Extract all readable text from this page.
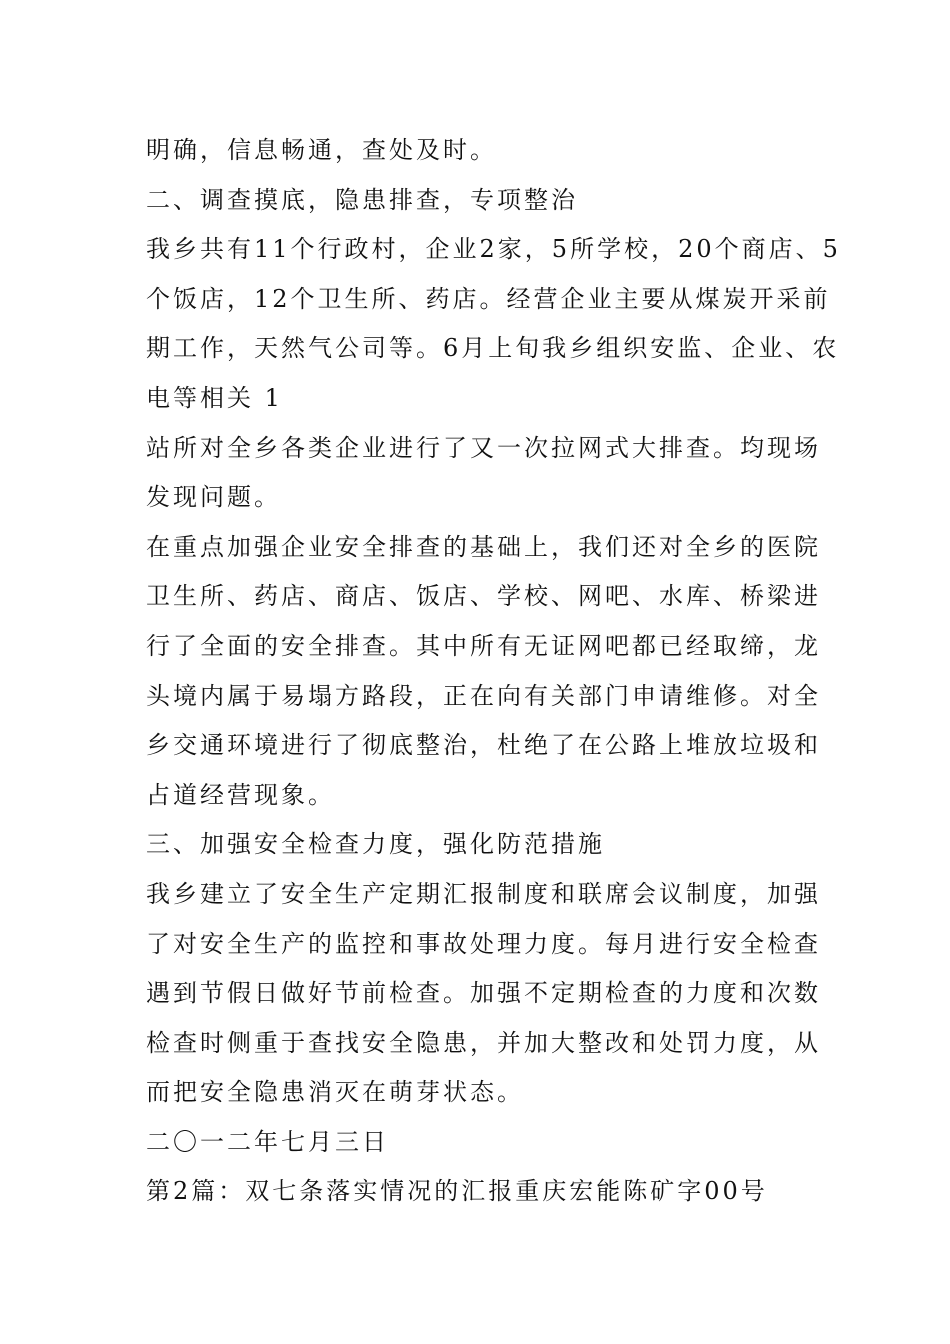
明确，信息畅通，查处及时。
二、调查摸底，隐患排查，专项整治
我乡共有11个行政村，企业2家，5所学校，20个商店、5
个饭店，12个卫生所、药店。经营企业主要从煤炭开采前
期工作，天然气公司等。6月上旬我乡组织安监、企业、农
电等相关 1
站所对全乡各类企业进行了又一次拉网式大排查。均现场
发现问题。
在重点加强企业安全排查的基础上，我们还对全乡的医院
卫生所、药店、商店、饭店、学校、网吧、水库、桥梁进
行了全面的安全排查。其中所有无证网吧都已经取缔，龙
头境内属于易塌方路段，正在向有关部门申请维修。对全
乡交通环境进行了彻底整治，杜绝了在公路上堆放垃圾和
占道经营现象。
三、加强安全检查力度，强化防范措施
我乡建立了安全生产定期汇报制度和联席会议制度，加强
了对安全生产的监控和事故处理力度。每月进行安全检查
遇到节假日做好节前检查。加强不定期检查的力度和次数
检查时侧重于查找安全隐患，并加大整改和处罚力度，从
而把安全隐患消灭在萌芽状态。
二〇一二年七月三日
第2篇：双七条落实情况的汇报重庆宏能陈矿字00号
